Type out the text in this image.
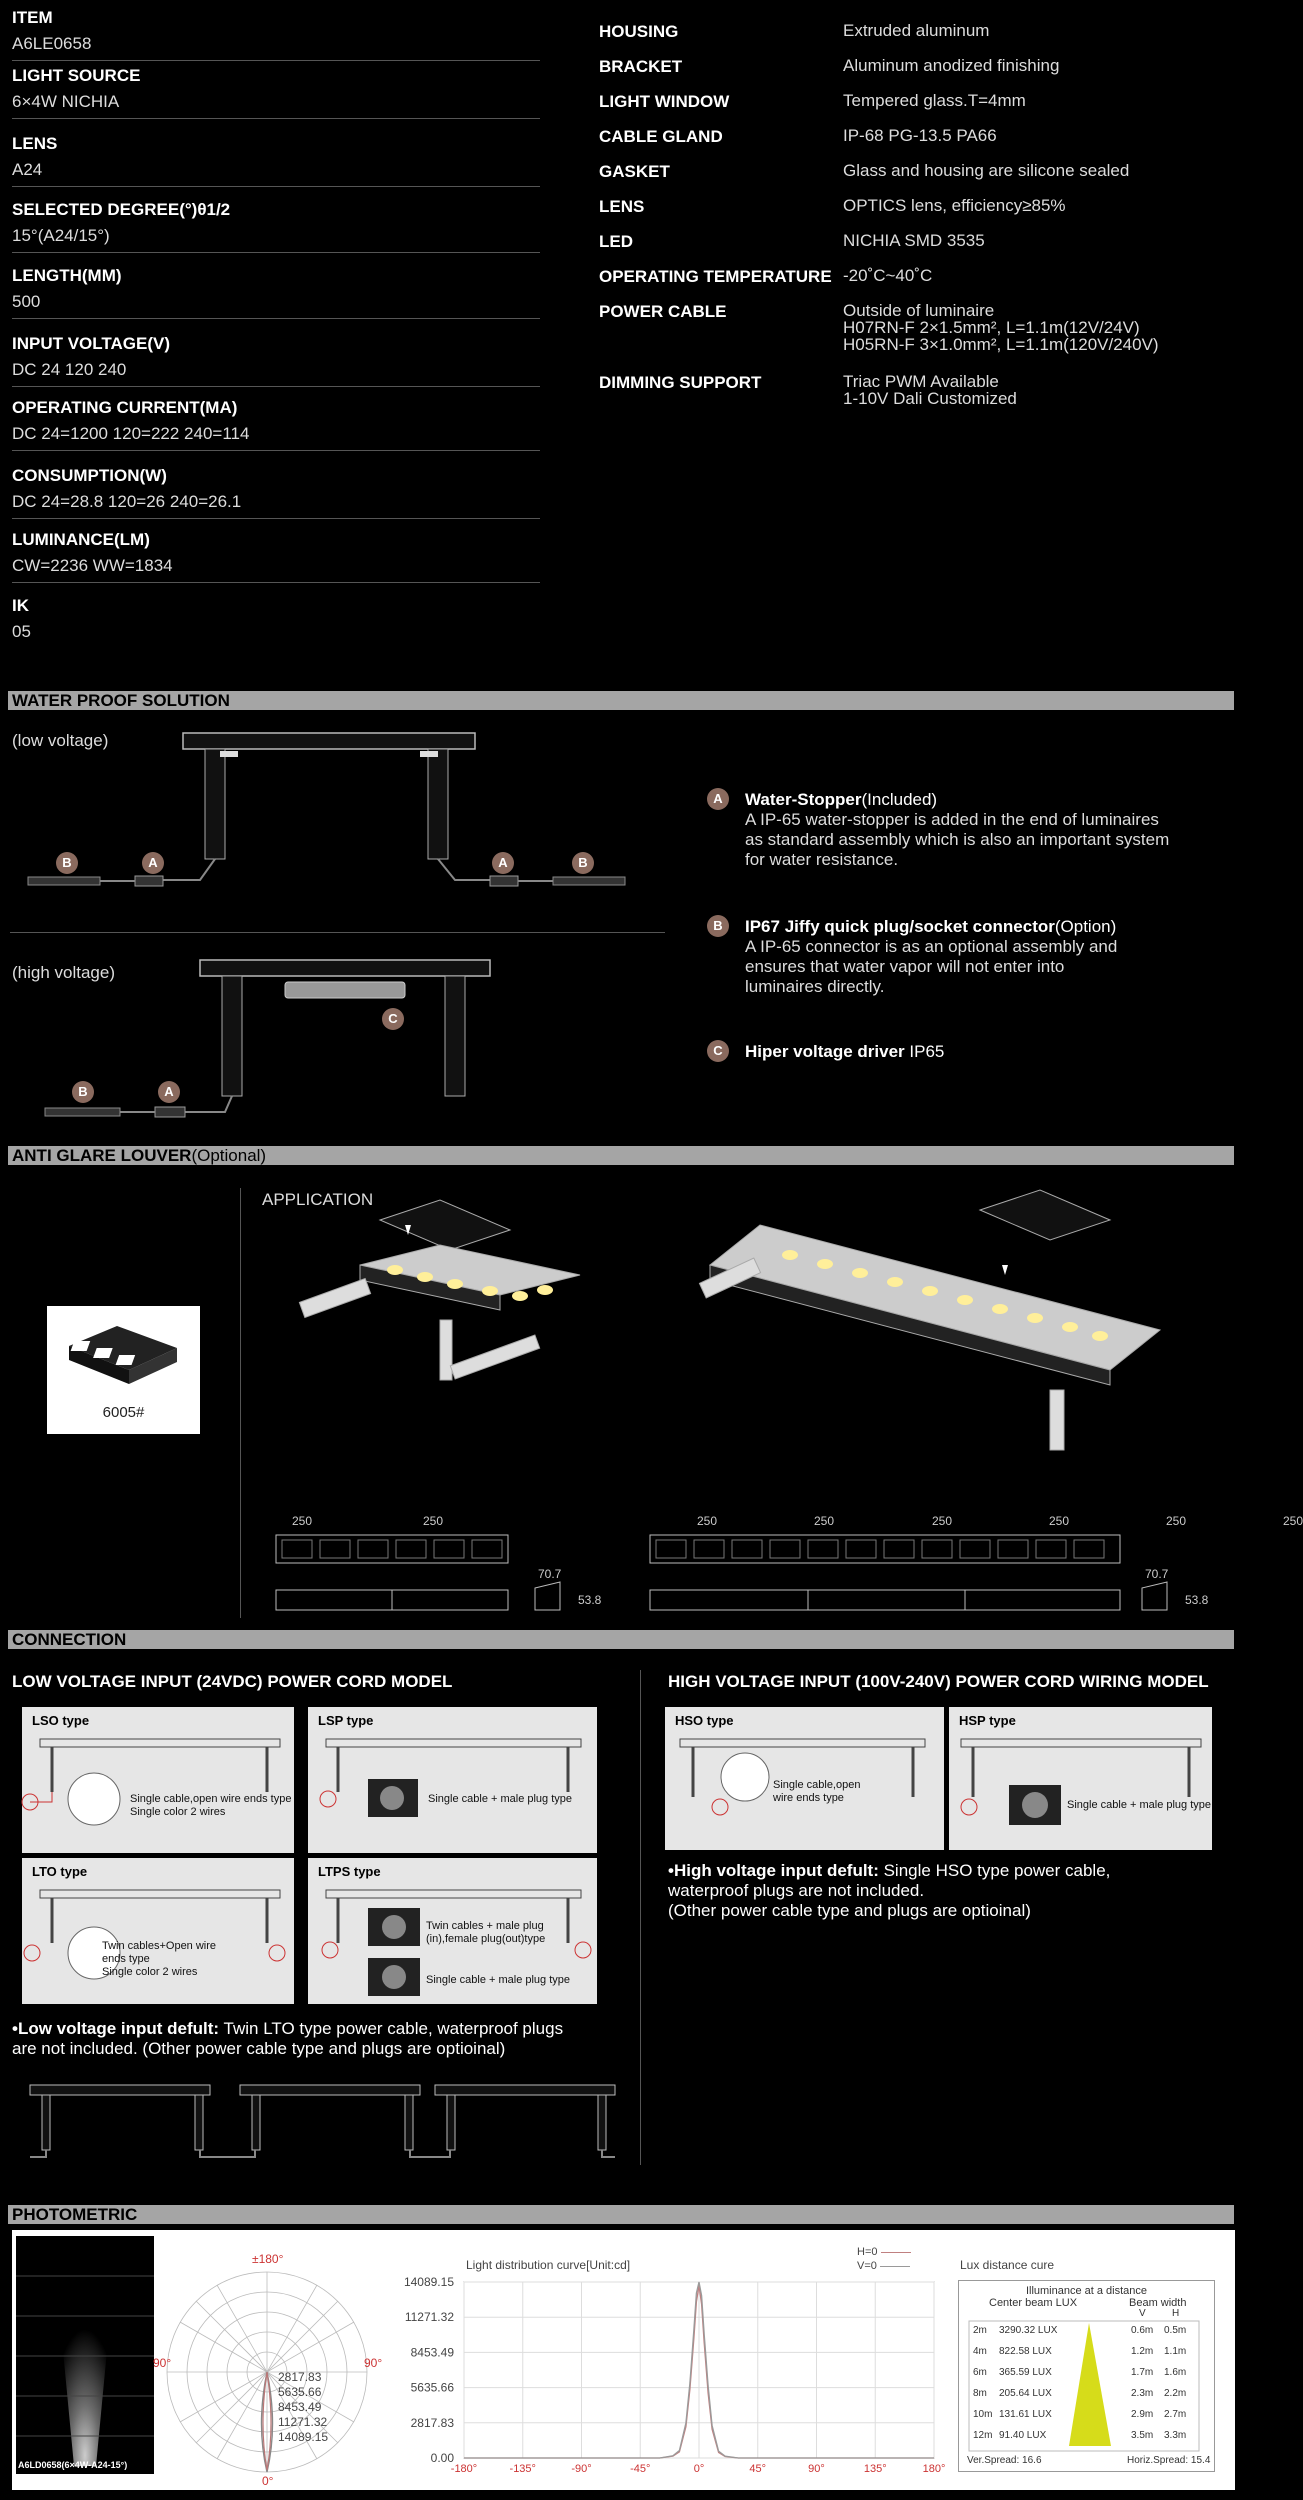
ITEM
A6LE0658
LIGHT SOURCE
6×4W NICHIA
LENS
A24
SELECTED DEGREE(°)θ1/2
15°(A24/15°)
LENGTH(MM)
500
INPUT VOLTAGE(V)
DC 24 120 240
OPERATING CURRENT(MA)
DC 24=1200 120=222 240=114
CONSUMPTION(W)
DC 24=28.8 120=26 240=26.1
LUMINANCE(LM)
CW=2236 WW=1834
IK
05
HOUSING	Extruded aluminum
BRACKET	Aluminum anodized finishing
LIGHT WINDOW	Tempered glass.T=4mm
CABLE GLAND	IP-68 PG-13.5 PA66
GASKET	Glass and housing are silicone sealed
LENS	OPTICS lens, efficiency≥85%
LED	NICHIA SMD 3535
OPERATING TEMPERATURE -20˚C~40˚C
POWER CABLE	Outside of luminaire
H07RN-F 2×1.5mm², L=1.1m(12V/24V)
H05RN-F 3×1.0mm², L=1.1m(120V/240V)
DIMMING SUPPORT	Triac PWM Available
1-10V Dali Customized
WATER PROOF SOLUTION
(low voltage)
(high voltage)
B	A	A	B
C
B	A
A	Water-Stopper(Included)
A IP-65 water-stopper is added in the end of luminaires
as standard assembly which is also an important system
for water resistance.
B	IP67 Jiffy quick plug/socket connector(Option)
A IP-65 connector is as an optional assembly and
ensures that water vapor will not enter into
luminaires directly.
C	Hiper voltage driver IP65
ANTI GLARE LOUVER(Optional)
APPLICATION
6005#
250	250	250	250	250	250	250	250
70.7
53.8
70.7
53.8
CONNECTION
LOW VOLTAGE INPUT (24VDC) POWER CORD MODEL	HIGH VOLTAGE INPUT (100V-240V) POWER CORD WIRING MODEL
LSO type
Single cable,open wire ends type
Single color 2 wires
LSP type
Single cable + male plug type
LTO type
Twin cables+Open wire
ends type
Single color 2 wires
LTPS type
Twin cables + male plug
(in),female plug(out)type
Single cable + male plug type
HSO type
Single cable,open
wire ends type
HSP type
Single cable + male plug type
•Low voltage input defult: Twin LTO type power cable, waterproof plugs
are not included. (Other power cable type and plugs are optioinal)
•High voltage input defult: Single HSO type power cable,
waterproof plugs are not included.
(Other power cable type and plugs are optioinal)
PHOTOMETRIC
A6LD0658(6×4W-A24-15°)
±180°
90°	90°
0°
2817.83
5635.66
8453.49
11271.32
14089.15
Light distribution curve[Unit:cd]
H=0
V=0
-180°	-135°	-90°	-45°	0°	45°	90°	135°	180°
0.00
2817.83
5635.66
8453.49
11271.32
14089.15
Lux distance cure
Illuminance at a distance
Center beam LUX	Beam width
V	H
2m 3290.32 LUX	0.6m 0.5m
4m 822.58 LUX	1.2m 1.1m
6m 365.59 LUX	1.7m 1.6m
8m 205.64 LUX	2.3m 2.2m
10m 131.61 LUX	2.9m 2.7m
12m 91.40 LUX	3.5m 3.3m
Ver.Spread: 16.6	Horiz.Spread: 15.4
